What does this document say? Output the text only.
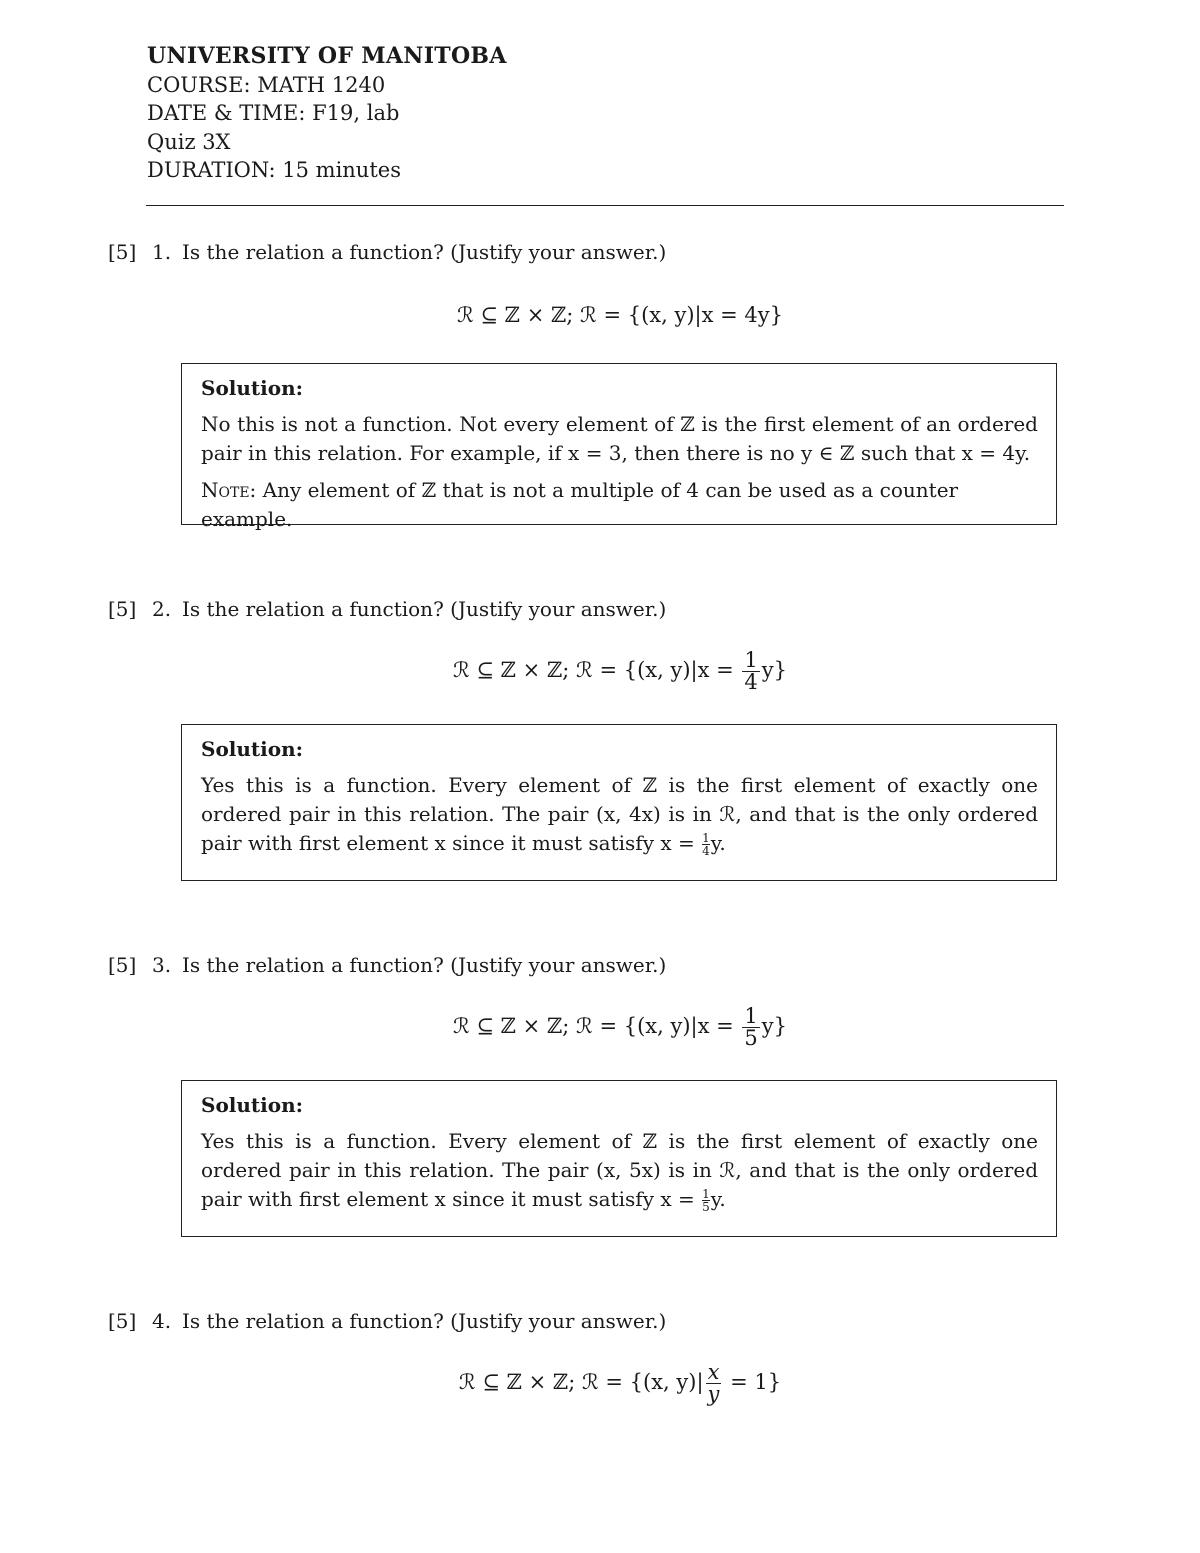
UNIVERSITY OF MANITOBA
COURSE: MATH 1240
DATE & TIME: F19, lab
Quiz 3X
DURATION: 15 minutes
[5] 1. Is the relation a function? (Justify your answer.)
ℛ ⊆ ℤ × ℤ; ℛ = {(x, y)|x = 4y}
Solution:
No this is not a function. Not every element of ℤ is the first element of an ordered pair in this relation. For example, if x = 3, then there is no y ∈ ℤ such that x = 4y.
Note: Any element of ℤ that is not a multiple of 4 can be used as a counter example.
[5] 2. Is the relation a function? (Justify your answer.)
ℛ ⊆ ℤ × ℤ; ℛ = {(x, $y)|x = \frac{1}{4} y$}
Solution:
Yes this is a function. Every element of ℤ is the first element of exactly one ordered pair in this relation. The pair (x, 4x) is in ℛ, and that is the only ordered pair with first element x since it must satisfy $x = \frac{1}{4} y$.
[5] 3. Is the relation a function? (Justify your answer.)
ℛ ⊆ ℤ × ℤ; ℛ = {(x, $y)|x = \frac{1}{5} y$}
Solution:
Yes this is a function. Every element of ℤ is the first element of exactly one ordered pair in this relation. The pair (x, 5x) is in ℛ, and that is the only ordered pair with first element x since it must satisfy $x = \frac{1}{5} y$.
[5] 4. Is the relation a function? (Justify your answer.)
ℛ ⊆ ℤ × ℤ; ℛ = {(x, $y)| \frac{x}{y} = 1$}
